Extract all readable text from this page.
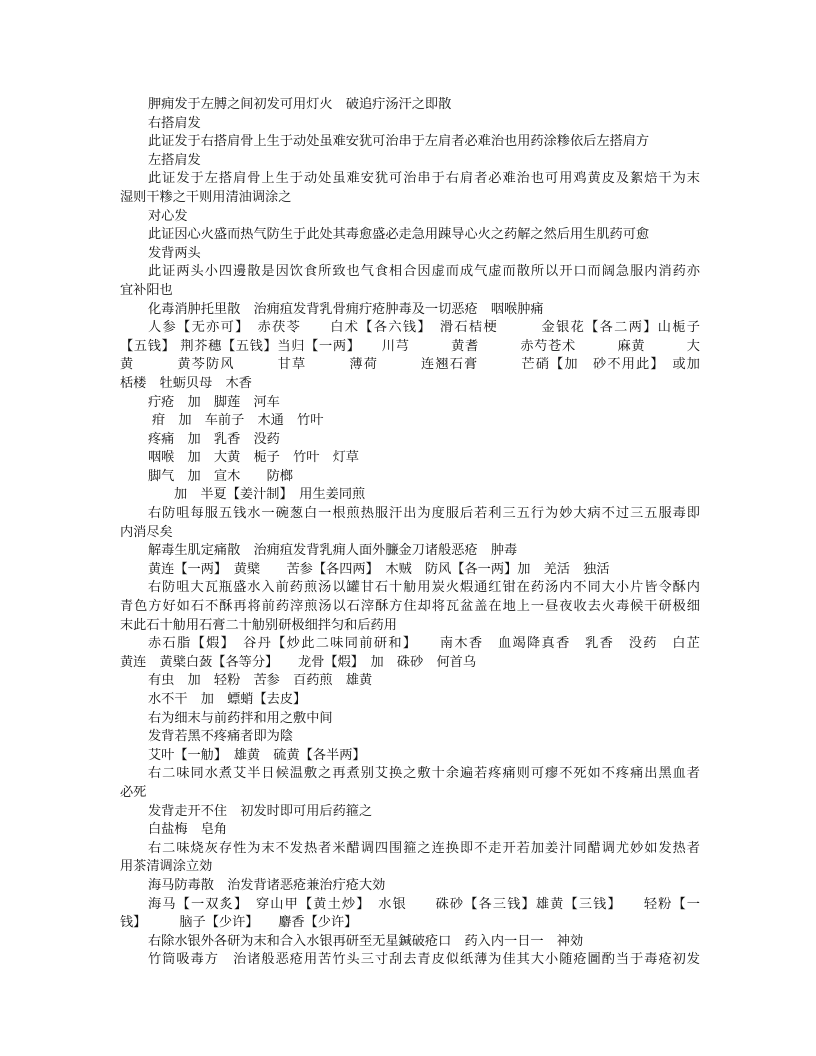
胛痈发于左膊之间初发可用灯火　破追疔汤汗之即散

右搭肩发

此证发于右搭肩骨上生于动处虽难安犹可治串于左肩者必难治也用药涂糁依后左搭肩方

左搭肩发

此证发于左搭肩骨上生于动处虽难安犹可治串于右肩者必难治也可用鸡黄皮及絮焙干为末

湿则干糁之干则用清油调涂之

对心发

此证因心火盛而热气防生于此处其毒愈盛必走急用踈导心火之药解之然后用生肌药可愈

发背两头

此证两头小四邊散是因饮食所致也气食相合因虚而成气虚而散所以开口而阔急服内消药亦

宜补阳也

化毒消肿托里散　治痈疽发背乳骨痈疔疮肿毒及一切恶疮　咽喉肿痛

人参【无亦可】　赤茯苓　　白术【各六钱】　滑石桔梗　　　金银花【各二两】山栀子

【五钱】 荆芥穗【五钱】当归【一两】　　川芎　　　黄耆　　　赤芍苍术　　　麻黄　　　大

黄　　　黄芩防风　　　甘草　　　薄荷　　　连翘石膏　　　芒硝【加　砂不用此】　或加

栝楼　牡蛎贝母　木香

疔疮　加　脚莲　河车

疳　加　车前子　木通　竹叶

疼痛　加　乳香　没药

咽喉　加　大黄　栀子　竹叶　灯草

脚气　加　宣木　　防榔

加　半夏【姜汁制】　用生姜同煎

右防咀每服五钱水一碗葱白一根煎热服汗出为度服后若利三五行为妙大病不过三五服毒即

内消尽矣

解毒生肌定痛散　治痈疽发背乳痈人面外臁金刀诸般恶疮　肿毒

黄连【一两】　黄檗　　苦参【各四两】　木贼　防风【各一两】加　羌活　独活

右防咀大瓦瓶盛水入前药煎汤以罐甘石十觔用炭火煆通红钳在药汤内不同大小片皆令酥内

青色方好如石不酥再将前药滓煎汤以石滓酥方住却将瓦盆盖在地上一昼夜收去火毒候干研极细

末此石十觔用石膏二十觔别研极细拌匀和后药用

赤石脂【煆】　谷丹【炒此二味同前研和】　　南木香　血竭降真香　乳香　没药　白芷

黄连　黄檗白蔹【各等分】　　龙骨【煆】　加　硃砂　何首乌

有虫　加　轻粉　苦参　百药煎　雄黄

水不干　加　螵蛸【去皮】

右为细末与前药拌和用之敷中间

发背若黑不疼痛者即为陰

艾叶【一觔】　雄黄　硫黄【各半两】

右二味同水煮艾半日候温敷之再煮别艾换之敷十余遍若疼痛则可瘳不死如不疼痛出黑血者

必死

发背走开不住　初发时即可用后药箍之

白盐梅　皂角

右二味烧灰存性为末不发热者米醋调四围箍之连换即不走开若加姜汁同醋调尤妙如发热者

用茶清调涂立効

海马防毒散　治发背诸恶疮兼治疔疮大効

海马【一双炙】　穿山甲【黄土炒】　水银　　硃砂【各三钱】雄黄【三钱】　　轻粉【一

钱】　　　脑子【少许】　　麝香【少许】

右除水银外各研为末和合入水银再研至无星鍼破疮口　药入内一日一　神効

竹筒吸毒方　治诸般恶疮用苦竹头三寸刮去青皮似纸薄为佳其大小随疮圖酌当于毒疮初发
